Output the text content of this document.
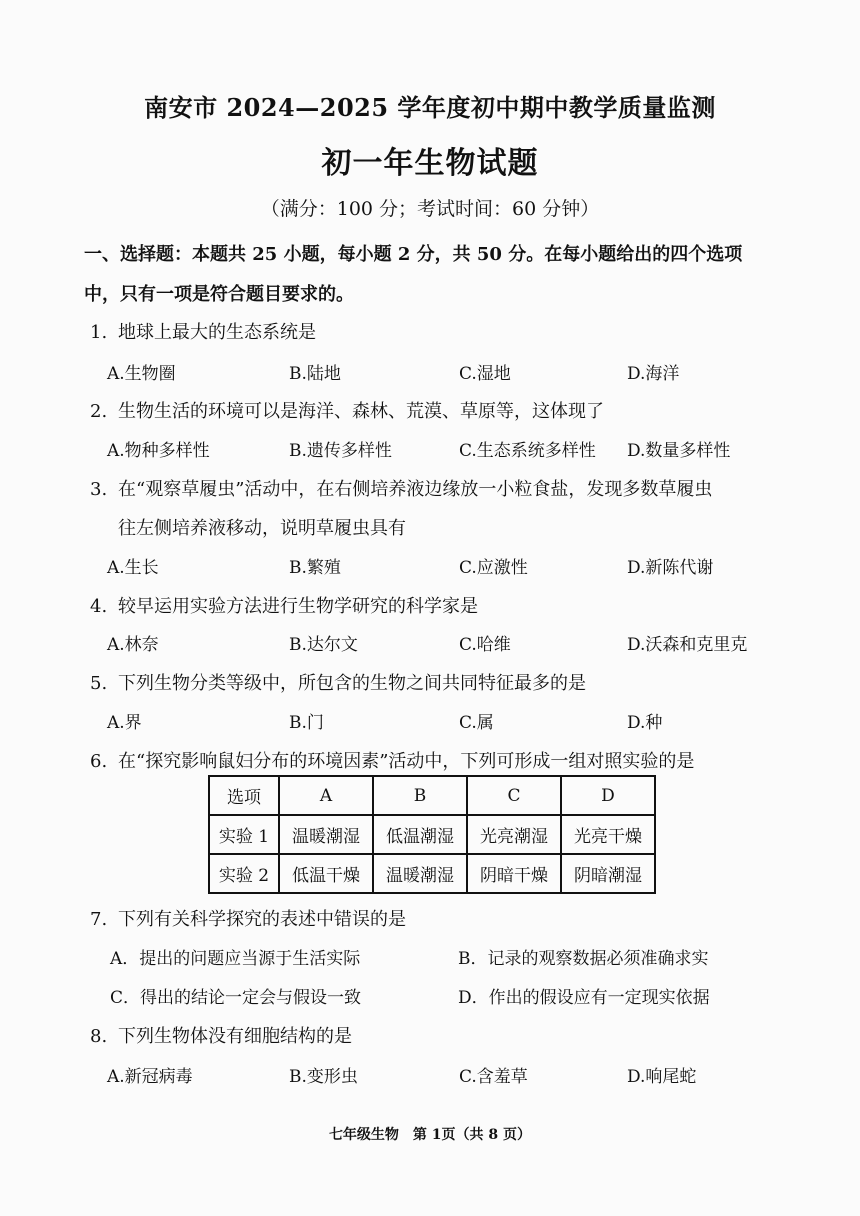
南安市 2024—2025 学年度初中期中教学质量监测
初一年生物试题
（满分：100 分；考试时间：60 分钟）
一、选择题：本题共 25 小题，每小题 2 分，共 50 分。在每小题给出的四个选项
中，只有一项是符合题目要求的。
1. 地球上最大的生态系统是
A.生物圈	B.陆地	C.湿地	D.海洋
2. 生物生活的环境可以是海洋、森林、荒漠、草原等，这体现了
A.物种多样性	B.遗传多样性	C.生态系统多样性 D.数量多样性
3. 在“观察草履虫”活动中，在右侧培养液边缘放一小粒食盐，发现多数草履虫
往左侧培养液移动，说明草履虫具有
A.生长	B.繁殖	C.应激性	D.新陈代谢
4. 较早运用实验方法进行生物学研究的科学家是
A.林奈	B.达尔文	C.哈维	D.沃森和克里克
5. 下列生物分类等级中，所包含的生物之间共同特征最多的是
A.界	B.门	C.属	D.种
6. 在“探究影响鼠妇分布的环境因素”活动中，下列可形成一组对照实验的是
选项	A	B	C	D
实验 1	温暖潮湿	低温潮湿	光亮潮湿	光亮干燥
实验 2	低温干燥	温暖潮湿	阴暗干燥	阴暗潮湿
7. 下列有关科学探究的表述中错误的是
A．提出的问题应当源于生活实际	B．记录的观察数据必须准确求实
C．得出的结论一定会与假设一致	D．作出的假设应有一定现实依据
8. 下列生物体没有细胞结构的是
A.新冠病毒	B.变形虫	C.含羞草	D.响尾蛇
七年级生物　第 1页（共 8 页）
